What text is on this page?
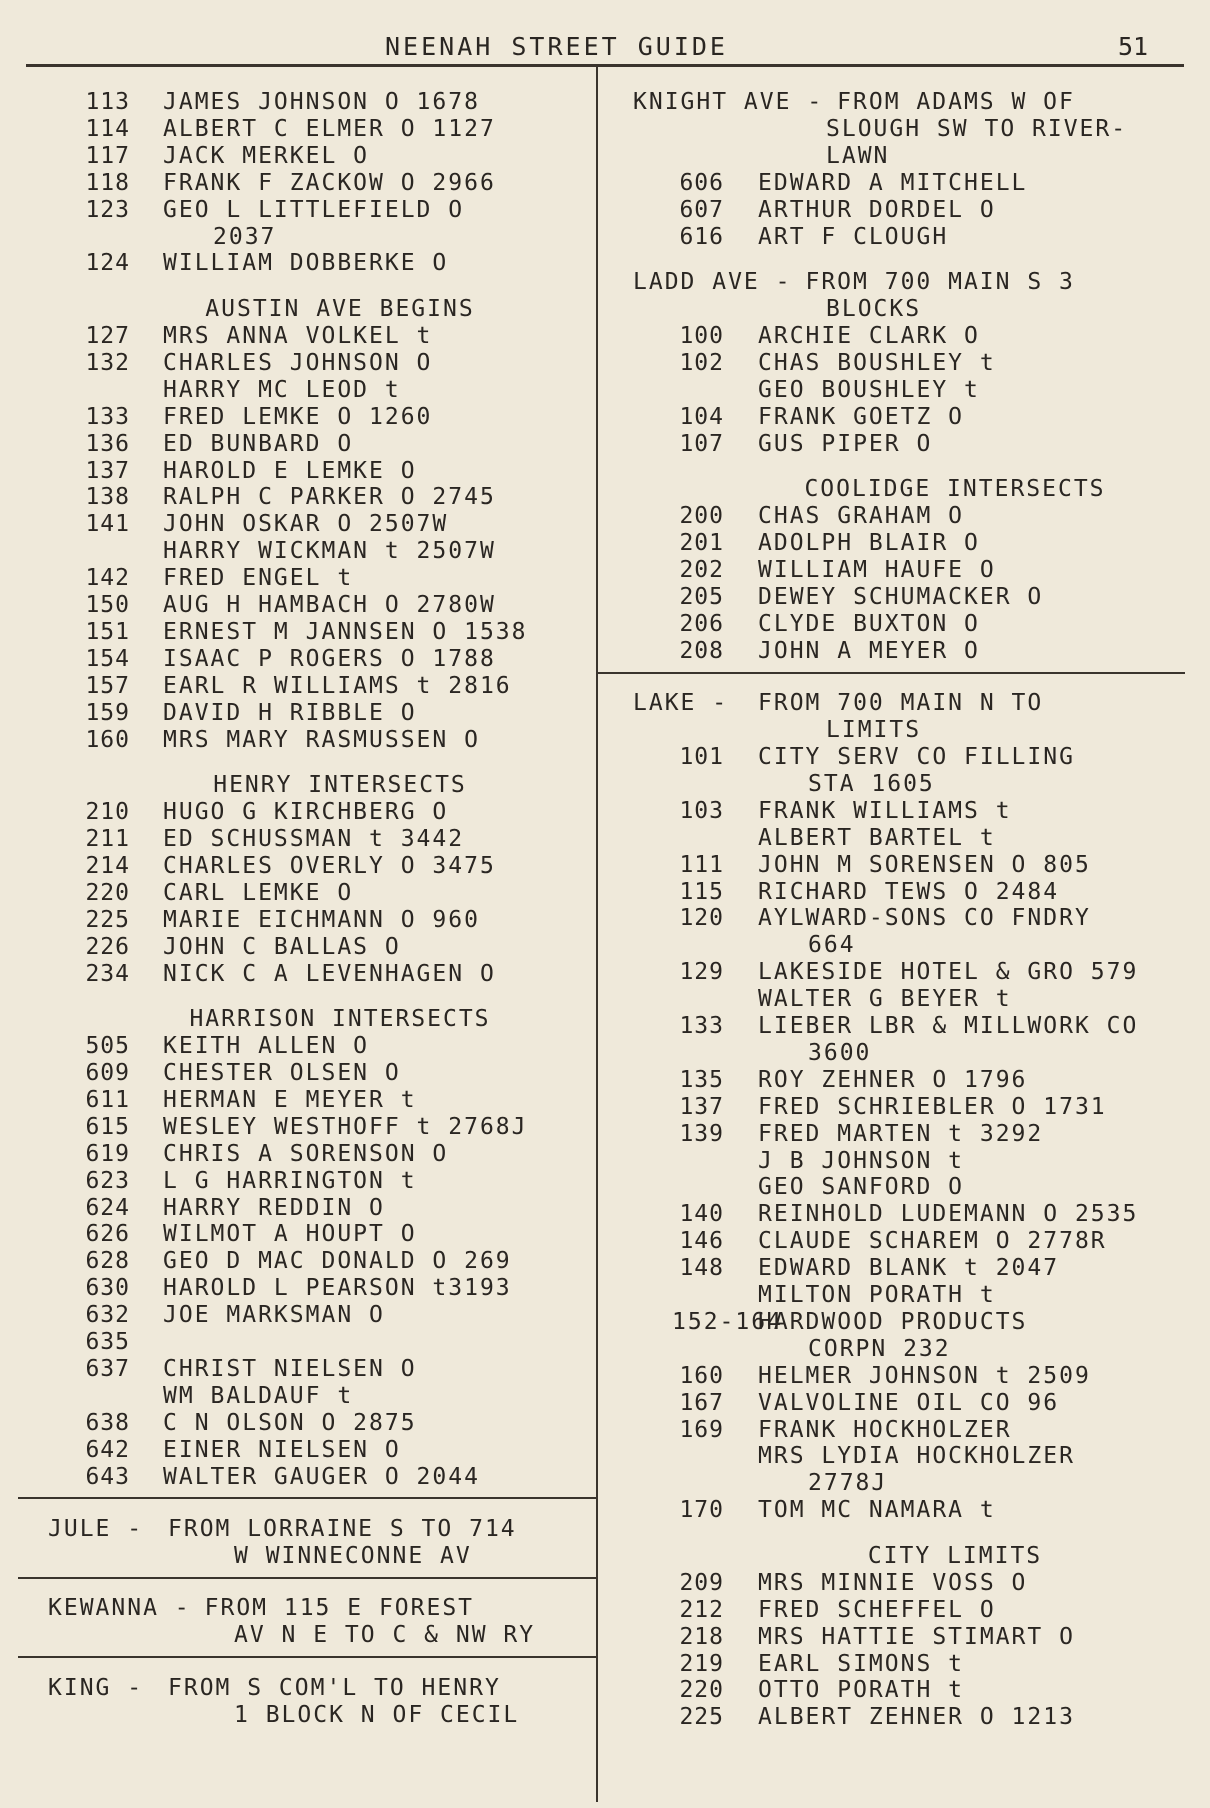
NEENAH STREET GUIDE	51
113 JAMES JOHNSON O 1678
114 ALBERT C ELMER O 1127
117 JACK MERKEL O
118 FRANK F ZACKOW O 2966
123 GEO L LITTLEFIELD O
2037
124 WILLIAM DOBBERKE O
AUSTIN AVE BEGINS
127 MRS ANNA VOLKEL t
132 CHARLES JOHNSON O
HARRY MC LEOD t
133 FRED LEMKE O 1260
136 ED BUNBARD O
137 HAROLD E LEMKE O
138 RALPH C PARKER O 2745
141 JOHN OSKAR O 2507W
HARRY WICKMAN t 2507W
142 FRED ENGEL t
150 AUG H HAMBACH O 2780W
151 ERNEST M JANNSEN O 1538
154 ISAAC P ROGERS O 1788
157 EARL R WILLIAMS t 2816
159 DAVID H RIBBLE O
160 MRS MARY RASMUSSEN O
HENRY INTERSECTS
210 HUGO G KIRCHBERG O
211 ED SCHUSSMAN t 3442
214 CHARLES OVERLY O 3475
220 CARL LEMKE O
225 MARIE EICHMANN O 960
226 JOHN C BALLAS O
234 NICK C A LEVENHAGEN O
HARRISON INTERSECTS
505 KEITH ALLEN O
609 CHESTER OLSEN O
611 HERMAN E MEYER t
615 WESLEY WESTHOFF t 2768J
619 CHRIS A SORENSON O
623 L G HARRINGTON t
624 HARRY REDDIN O
626 WILMOT A HOUPT O
628 GEO D MAC DONALD O 269
630 HAROLD L PEARSON t3193
632 JOE MARKSMAN O
635
637 CHRIST NIELSEN O
WM BALDAUF t
638 C N OLSON O 2875
642 EINER NIELSEN O
643 WALTER GAUGER O 2044
JULE - FROM LORRAINE S TO 714
W WINNECONNE AV
KEWANNA - FROM 115 E FOREST
AV N E TO C & NW RY
KING - FROM S COM'L TO HENRY
1 BLOCK N OF CECIL
KNIGHT AVE - FROM ADAMS W OF
SLOUGH SW TO RIVER-
LAWN
606 EDWARD A MITCHELL
607 ARTHUR DORDEL O
616 ART F CLOUGH
LADD AVE - FROM 700 MAIN S 3
BLOCKS
100 ARCHIE CLARK O
102 CHAS BOUSHLEY t
GEO BOUSHLEY t
104 FRANK GOETZ O
107 GUS PIPER O
COOLIDGE INTERSECTS
200 CHAS GRAHAM O
201 ADOLPH BLAIR O
202 WILLIAM HAUFE O
205 DEWEY SCHUMACKER O
206 CLYDE BUXTON O
208 JOHN A MEYER O
LAKE - FROM 700 MAIN N TO
LIMITS
101 CITY SERV CO FILLING
STA 1605
103 FRANK WILLIAMS t
ALBERT BARTEL t
111 JOHN M SORENSEN O 805
115 RICHARD TEWS O 2484
120 AYLWARD-SONS CO FNDRY
664
129 LAKESIDE HOTEL & GRO 579
WALTER G BEYER t
133 LIEBER LBR & MILLWORK CO
3600
135 ROY ZEHNER O 1796
137 FRED SCHRIEBLER O 1731
139 FRED MARTEN t 3292
J B JOHNSON t
GEO SANFORD O
140 REINHOLD LUDEMANN O 2535
146 CLAUDE SCHAREM O 2778R
148 EDWARD BLANK t 2047
MILTON PORATH t
152-164
HARDWOOD PRODUCTS
CORPN 232
160 HELMER JOHNSON t 2509
167 VALVOLINE OIL CO 96
169 FRANK HOCKHOLZER
MRS LYDIA HOCKHOLZER
2778J
170 TOM MC NAMARA t
CITY LIMITS
209 MRS MINNIE VOSS O
212 FRED SCHEFFEL O
218 MRS HATTIE STIMART O
219 EARL SIMONS t
220 OTTO PORATH t
225 ALBERT ZEHNER O 1213
